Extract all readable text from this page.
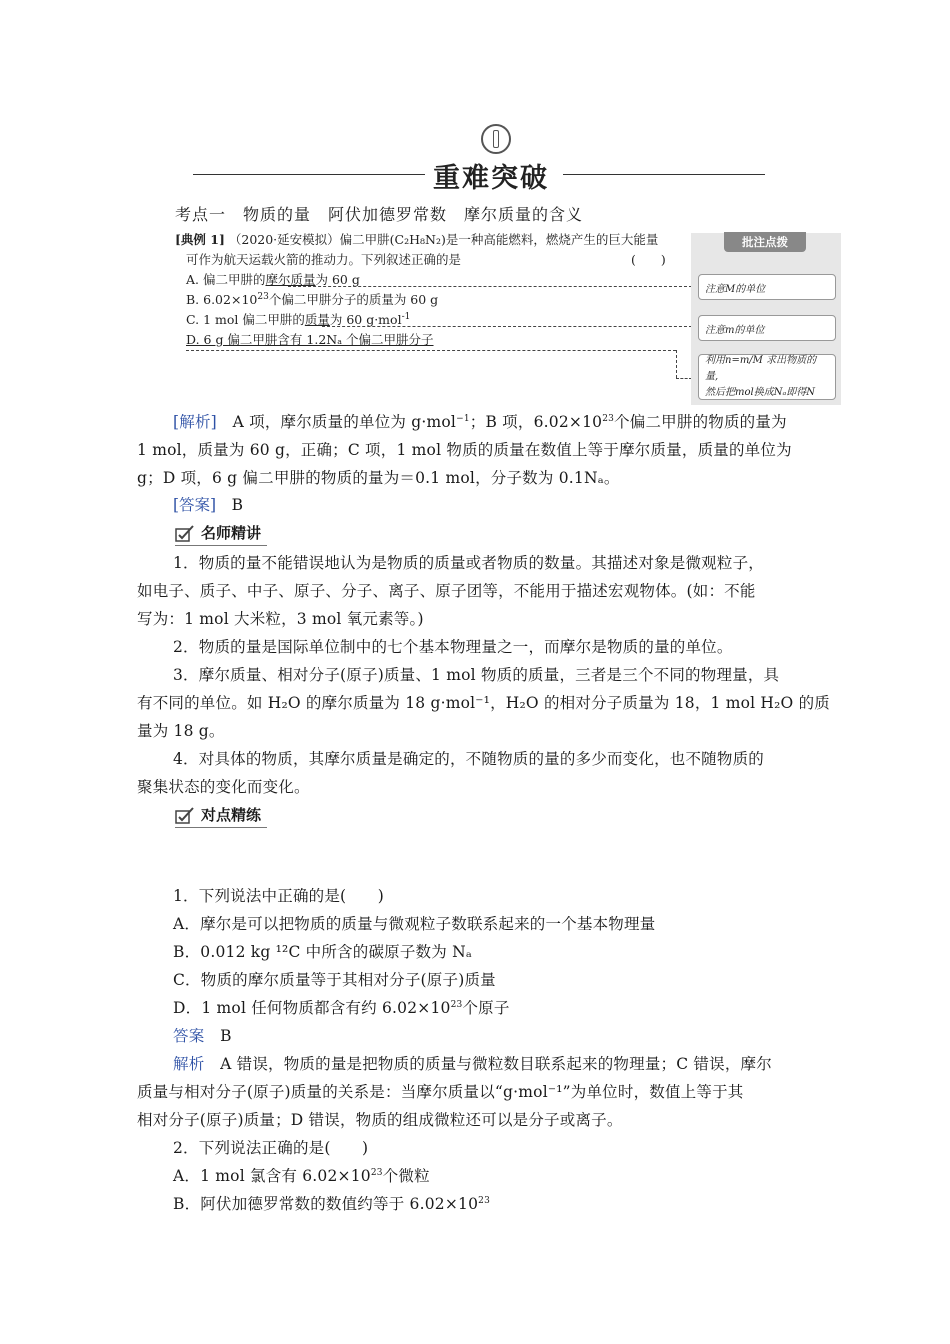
重难突破
考点一　物质的量　阿伏加德罗常数　摩尔质量的含义
[典例 1] （2020·延安模拟）偏二甲肼(C₂H₈N₂)是一种高能燃料，燃烧产生的巨大能量
可作为航天运载火箭的推动力。下列叙述正确的是	(　　)
A. 偏二甲肼的摩尔质量为 60 g
B. $6.02\times 10^{23}$个偏二甲肼分子的质量为 60 g
C. 1 mol 偏二甲肼的质量为 60 g·mol$^{-1}$
D. 6 g 偏二甲肼含有 1.2Nₐ 个偏二甲肼分子
批注点拨
注意M的单位
注意m的单位
利用n=m/M 求出物质的量,
然后把mol换成Nₐ即得N
[解析]　A 项，摩尔质量的单位为 g·mol$^{-1}$；B 项，$6.02\times 10^{23}$个偏二甲肼的物质的量为
1 mol，质量为 60 g，正确；C 项，1 mol 物质的质量在数值上等于摩尔质量，质量的单位为
g；D 项，6 g 偏二甲肼的物质的量为＝0.1 mol，分子数为 0.1Nₐ。
[答案]　 B
名师精讲
1．物质的量不能错误地认为是物质的质量或者物质的数量。其描述对象是微观粒子，
如电子、质子、中子、原子、分子、离子、原子团等，不能用于描述宏观物体。(如：不能
写为：1 mol 大米粒，3 mol 氧元素等。)
2．物质的量是国际单位制中的七个基本物理量之一，而摩尔是物质的量的单位。
3．摩尔质量、相对分子(原子)质量、1 mol 物质的质量，三者是三个不同的物理量，具
有不同的单位。如 H₂O 的摩尔质量为 18 g·mol⁻¹，H₂O 的相对分子质量为 18，1 mol H₂O 的质
量为 18 g。
4．对具体的物质，其摩尔质量是确定的，不随物质的量的多少而变化，也不随物质的
聚集状态的变化而变化。
对点精练
1．下列说法中正确的是(　　)
A．摩尔是可以把物质的质量与微观粒子数联系起来的一个基本物理量
B．0.012 kg ¹²C 中所含的碳原子数为 Nₐ
C．物质的摩尔质量等于其相对分子(原子)质量
D．1 mol 任何物质都含有约 $6.02\times 10^{23}$个原子
答案　 B
解析　A 错误，物质的量是把物质的质量与微粒数目联系起来的物理量；C 错误，摩尔
质量与相对分子(原子)质量的关系是：当摩尔质量以“g·mol⁻¹”为单位时，数值上等于其
相对分子(原子)质量；D 错误，物质的组成微粒还可以是分子或离子。
2．下列说法正确的是(　　)
A．1 mol 氯含有 $6.02\times 10^{23}$个微粒
B．阿伏加德罗常数的数值约等于 $6.02\times 10^{23}$
